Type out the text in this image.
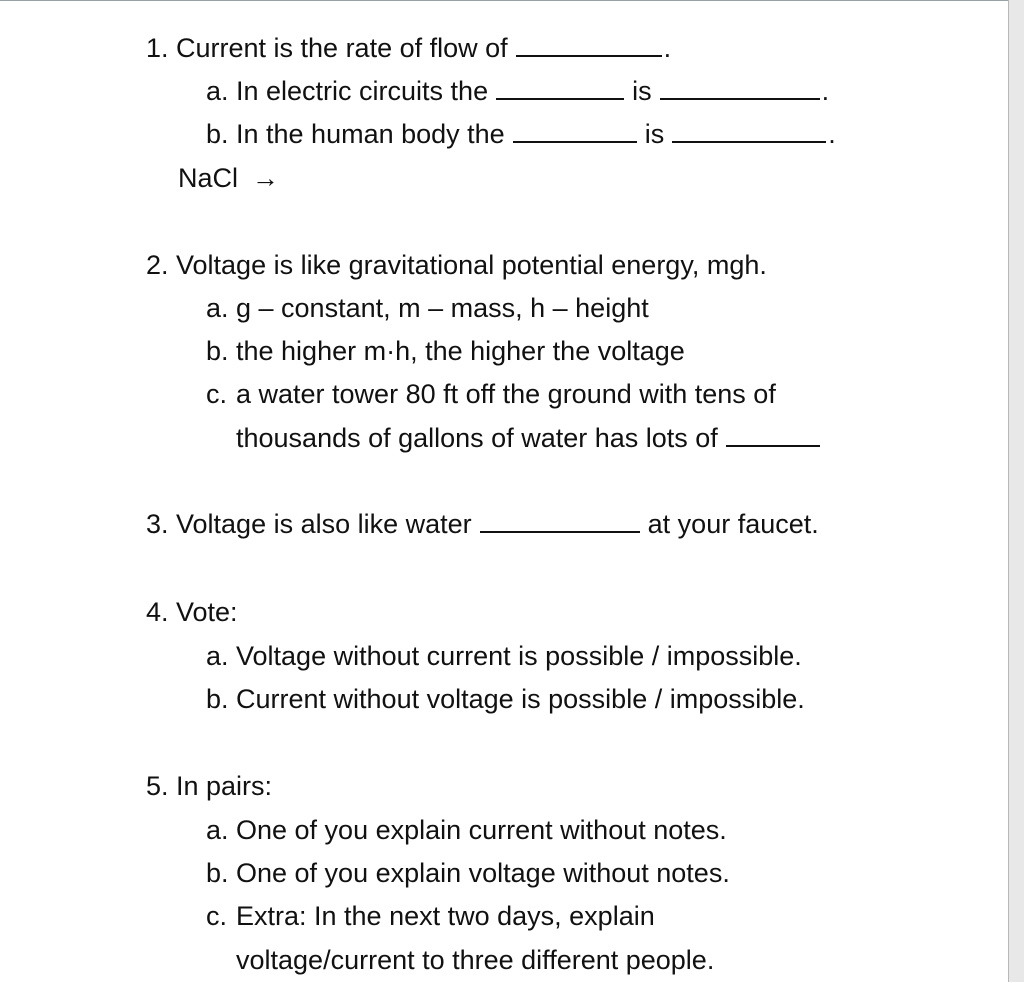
1. Current is the rate of flow of	.
a. In electric circuits the	is	.
b. In the human body the	is	.
NaCl →
2. Voltage is like gravitational potential energy, mgh.
a. g – constant, m – mass, h – height
b. the higher m·h, the higher the voltage
c. a water tower 80 ft off the ground with tens of
thousands of gallons of water has lots of
3. Voltage is also like water	at your faucet.
4. Vote:
a. Voltage without current is possible / impossible.
b. Current without voltage is possible / impossible.
5. In pairs:
a. One of you explain current without notes.
b. One of you explain voltage without notes.
c. Extra: In the next two days, explain
voltage/current to three different people.
